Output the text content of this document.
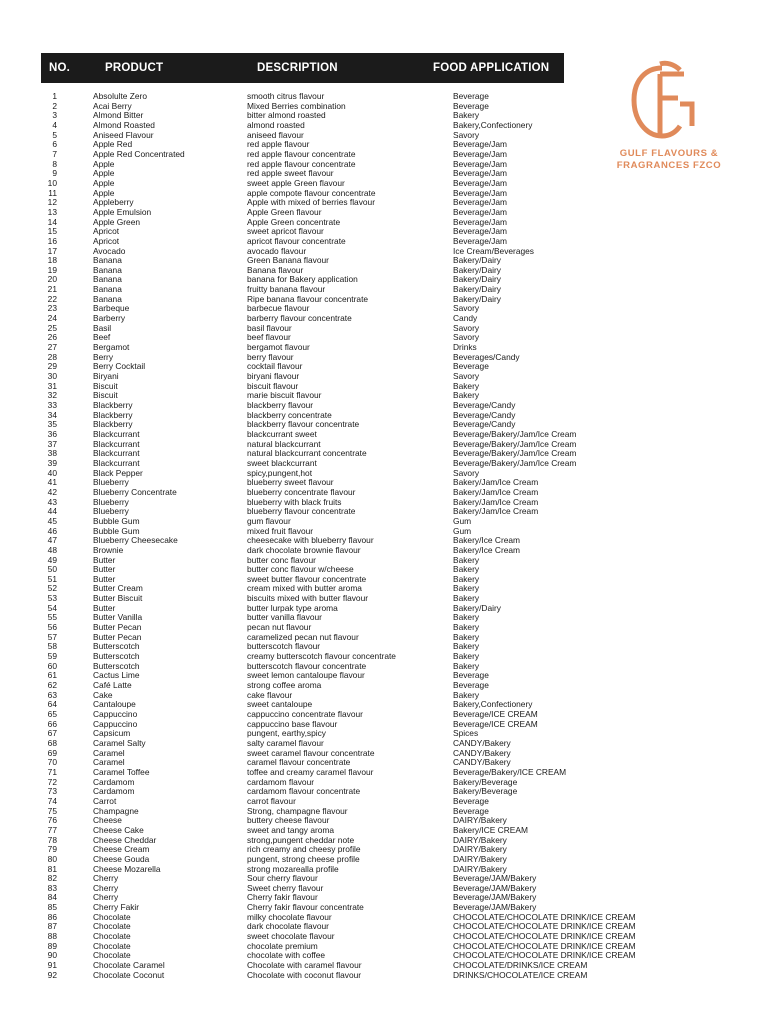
NO.	PRODUCT	DESCRIPTION	FOOD APPLICATION
GULF FLAVOURS &
FRAGRANCES FZCO
1	Absolulte Zero	smooth citrus flavour	Beverage
2	Acai Berry	Mixed Berries combination	Beverage
3	Almond Bitter	bitter almond roasted	Bakery
4	Almond Roasted	almond roasted	Bakery,Confectionery
5	Aniseed Flavour	aniseed flavour	Savory
6	Apple Red	red apple flavour	Beverage/Jam
7	Apple Red Concentrated	red apple flavour concentrate	Beverage/Jam
8	Apple	red apple flavour concentrate	Beverage/Jam
9	Apple	red apple sweet flavour	Beverage/Jam
10	Apple	sweet apple Green flavour	Beverage/Jam
11	Apple	apple compote flavour concentrate	Beverage/Jam
12	Appleberry	Apple with mixed of berries flavour	Beverage/Jam
13	Apple Emulsion	Apple Green flavour	Beverage/Jam
14	Apple Green	Apple Green concentrate	Beverage/Jam
15	Apricot	sweet apricot flavour	Beverage/Jam
16	Apricot	apricot flavour concentrate	Beverage/Jam
17	Avocado	avocado flavour	Ice Cream/Beverages
18	Banana	Green Banana flavour	Bakery/Dairy
19	Banana	Banana flavour	Bakery/Dairy
20	Banana	banana for Bakery application	Bakery/Dairy
21	Banana	fruitty banana flavour	Bakery/Dairy
22	Banana	Ripe banana flavour concentrate	Bakery/Dairy
23	Barbeque	barbecue flavour	Savory
24	Barberry	barberry flavour concentrate	Candy
25	Basil	basil flavour	Savory
26	Beef	beef flavour	Savory
27	Bergamot	bergamot flavour	Drinks
28	Berry	berry flavour	Beverages/Candy
29	Berry Cocktail	cocktail flavour	Beverage
30	Biryani	biryani flavour	Savory
31	Biscuit	biscuit flavour	Bakery
32	Biscuit	marie biscuit flavour	Bakery
33	Blackberry	blackberry flavour	Beverage/Candy
34	Blackberry	blackberry concentrate	Beverage/Candy
35	Blackberry	blackberry flavour concentrate	Beverage/Candy
36	Blackcurrant	blackcurrant sweet	Beverage/Bakery/Jam/Ice Cream
37	Blackcurrant	natural blackcurrant	Beverage/Bakery/Jam/Ice Cream
38	Blackcurrant	natural blackcurrant concentrate	Beverage/Bakery/Jam/Ice Cream
39	Blackcurrant	sweet blackcurrant	Beverage/Bakery/Jam/Ice Cream
40	Black Pepper	spicy,pungent,hot	Savory
41	Blueberry	blueberry sweet flavour	Bakery/Jam/Ice Cream
42	Blueberry Concentrate	blueberry concentrate flavour	Bakery/Jam/Ice Cream
43	Blueberry	blueberry with black fruits	Bakery/Jam/Ice Cream
44	Blueberry	blueberry flavour concentrate	Bakery/Jam/Ice Cream
45	Bubble Gum	gum flavour	Gum
46	Bubble Gum	mixed fruit flavour	Gum
47	Blueberry Cheesecake	cheesecake with blueberry flavour	Bakery/Ice Cream
48	Brownie	dark chocolate brownie flavour	Bakery/Ice Cream
49	Butter	butter conc flavour	Bakery
50	Butter	butter conc flavour w/cheese	Bakery
51	Butter	sweet butter flavour concentrate	Bakery
52	Butter Cream	cream mixed with butter aroma	Bakery
53	Butter Biscuit	biscuits mixed with butter flavour	Bakery
54	Butter	butter lurpak type aroma	Bakery/Dairy
55	Butter Vanilla	butter vanilla flavour	Bakery
56	Butter Pecan	pecan nut flavour	Bakery
57	Butter Pecan	caramelized pecan nut flavour	Bakery
58	Butterscotch	butterscotch flavour	Bakery
59	Butterscotch	creamy butterscotch flavour concentrate	Bakery
60	Butterscotch	butterscotch flavour concentrate	Bakery
61	Cactus Lime	sweet lemon cantaloupe flavour	Beverage
62	Café Latte	strong coffee aroma	Beverage
63	Cake	cake flavour	Bakery
64	Cantaloupe	sweet cantaloupe	Bakery,Confectionery
65	Cappuccino	cappuccino concentrate flavour	Beverage/ICE CREAM
66	Cappuccino	cappuccino base flavour	Beverage/ICE CREAM
67	Capsicum	pungent, earthy,spicy	Spices
68	Caramel Salty	salty caramel flavour	CANDY/Bakery
69	Caramel	sweet caramel flavour concentrate	CANDY/Bakery
70	Caramel	caramel flavour concentrate	CANDY/Bakery
71	Caramel Toffee	toffee and creamy caramel flavour	Beverage/Bakery/ICE CREAM
72	Cardamom	cardamom flavour	Bakery/Beverage
73	Cardamom	cardamom flavour concentrate	Bakery/Beverage
74	Carrot	carrot flavour	Beverage
75	Champagne	Strong, champagne flavour	Beverage
76	Cheese	buttery cheese flavour	DAIRY/Bakery
77	Cheese Cake	sweet and tangy aroma	Bakery/ICE CREAM
78	Cheese Cheddar	strong,pungent cheddar note	DAIRY/Bakery
79	Cheese Cream	rich creamy and cheesy profile	DAIRY/Bakery
80	Cheese Gouda	pungent, strong cheese profile	DAIRY/Bakery
81	Cheese Mozarella	strong mozarealla profile	DAIRY/Bakery
82	Cherry	Sour cherry flavour	Beverage/JAM/Bakery
83	Cherry	Sweet cherry flavour	Beverage/JAM/Bakery
84	Cherry	Cherry fakir flavour	Beverage/JAM/Bakery
85	Cherry Fakir	Cherry fakir flavour concentrate	Beverage/JAM/Bakery
86	Chocolate	milky chocolate flavour	CHOCOLATE/CHOCOLATE DRINK/ICE CREAM
87	Chocolate	dark chocolate flavour	CHOCOLATE/CHOCOLATE DRINK/ICE CREAM
88	Chocolate	sweet chocolate flavour	CHOCOLATE/CHOCOLATE DRINK/ICE CREAM
89	Chocolate	chocolate premium	CHOCOLATE/CHOCOLATE DRINK/ICE CREAM
90	Chocolate	chocolate with coffee	CHOCOLATE/CHOCOLATE DRINK/ICE CREAM
91	Chocolate Caramel	Chocolate with caramel flavour	CHOCOLATE/DRINKS/ICE CREAM
92	Chocolate Coconut	Chocolate with coconut flavour	DRINKS/CHOCOLATE/ICE CREAM
